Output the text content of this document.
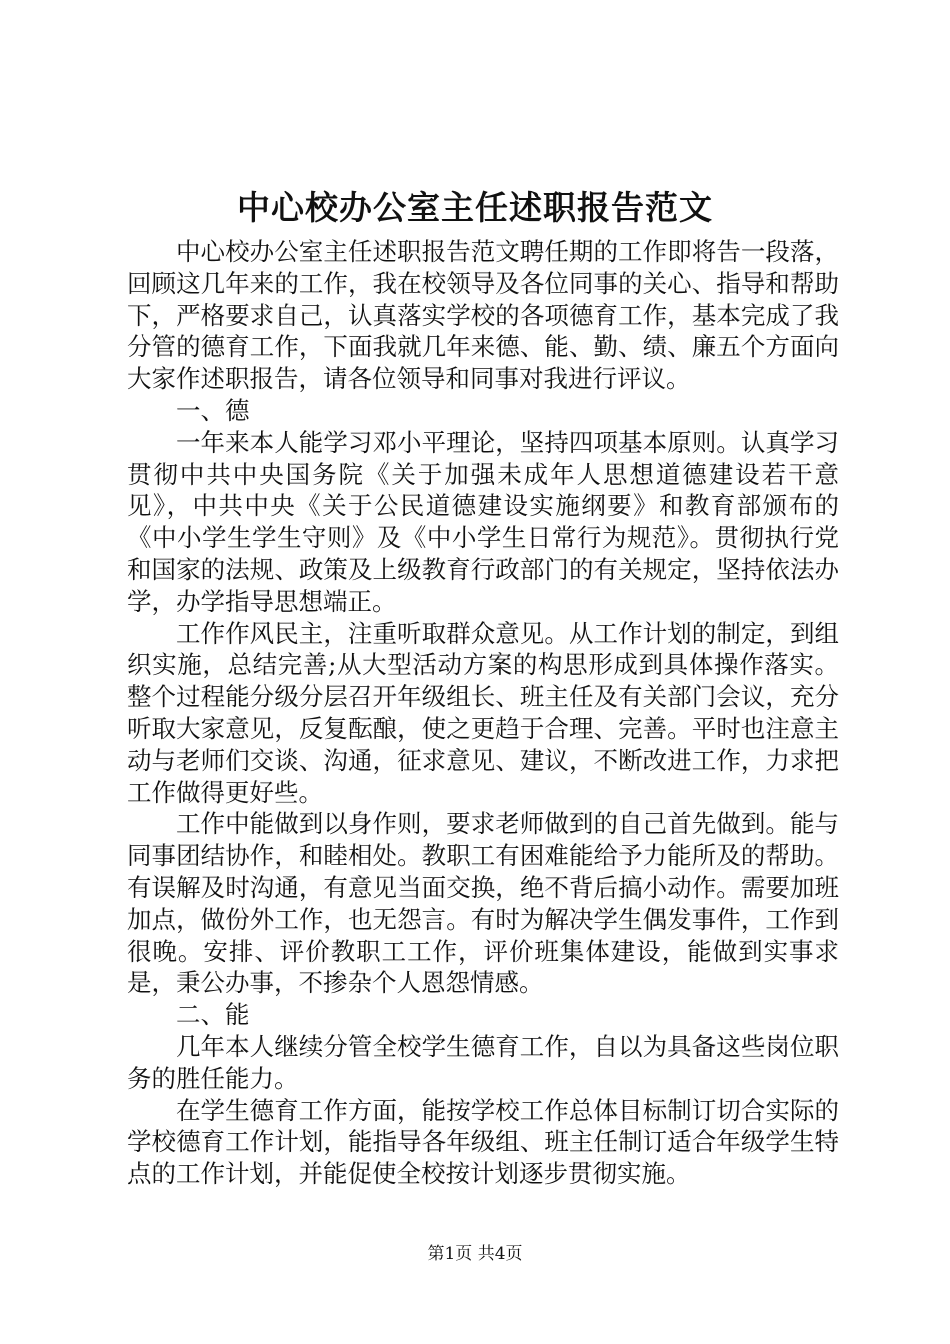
中心校办公室主任述职报告范文

中心校办公室主任述职报告范文聘任期的工作即将告一段落，回顾这几年来的工作，我在校领导及各位同事的关心、指导和帮助下，严格要求自己，认真落实学校的各项德育工作，基本完成了我分管的德育工作，下面我就几年来德、能、勤、绩、廉五个方面向大家作述职报告，请各位领导和同事对我进行评议。

一、德

一年来本人能学习邓小平理论，坚持四项基本原则。认真学习贯彻中共中央国务院《关于加强未成年人思想道德建设若干意见》，中共中央《关于公民道德建设实施纲要》和教育部颁布的《中小学生学生守则》及《中小学生日常行为规范》。贯彻执行党和国家的法规、政策及上级教育行政部门的有关规定，坚持依法办学，办学指导思想端正。

工作作风民主，注重听取群众意见。从工作计划的制定，到组织实施，总结完善;从大型活动方案的构思形成到具体操作落实。整个过程能分级分层召开年级组长、班主任及有关部门会议，充分听取大家意见，反复酝酿，使之更趋于合理、完善。平时也注意主动与老师们交谈、沟通，征求意见、建议，不断改进工作，力求把工作做得更好些。

工作中能做到以身作则，要求老师做到的自己首先做到。能与同事团结协作，和睦相处。教职工有困难能给予力能所及的帮助。有误解及时沟通，有意见当面交换，绝不背后搞小动作。需要加班加点，做份外工作，也无怨言。有时为解决学生偶发事件，工作到很晚。安排、评价教职工工作，评价班集体建设，能做到实事求是，秉公办事，不掺杂个人恩怨情感。

二、能

几年本人继续分管全校学生德育工作，自以为具备这些岗位职务的胜任能力。

在学生德育工作方面，能按学校工作总体目标制订切合实际的学校德育工作计划，能指导各年级组、班主任制订适合年级学生特点的工作计划，并能促使全校按计划逐步贯彻实施。

第1页 共4页
